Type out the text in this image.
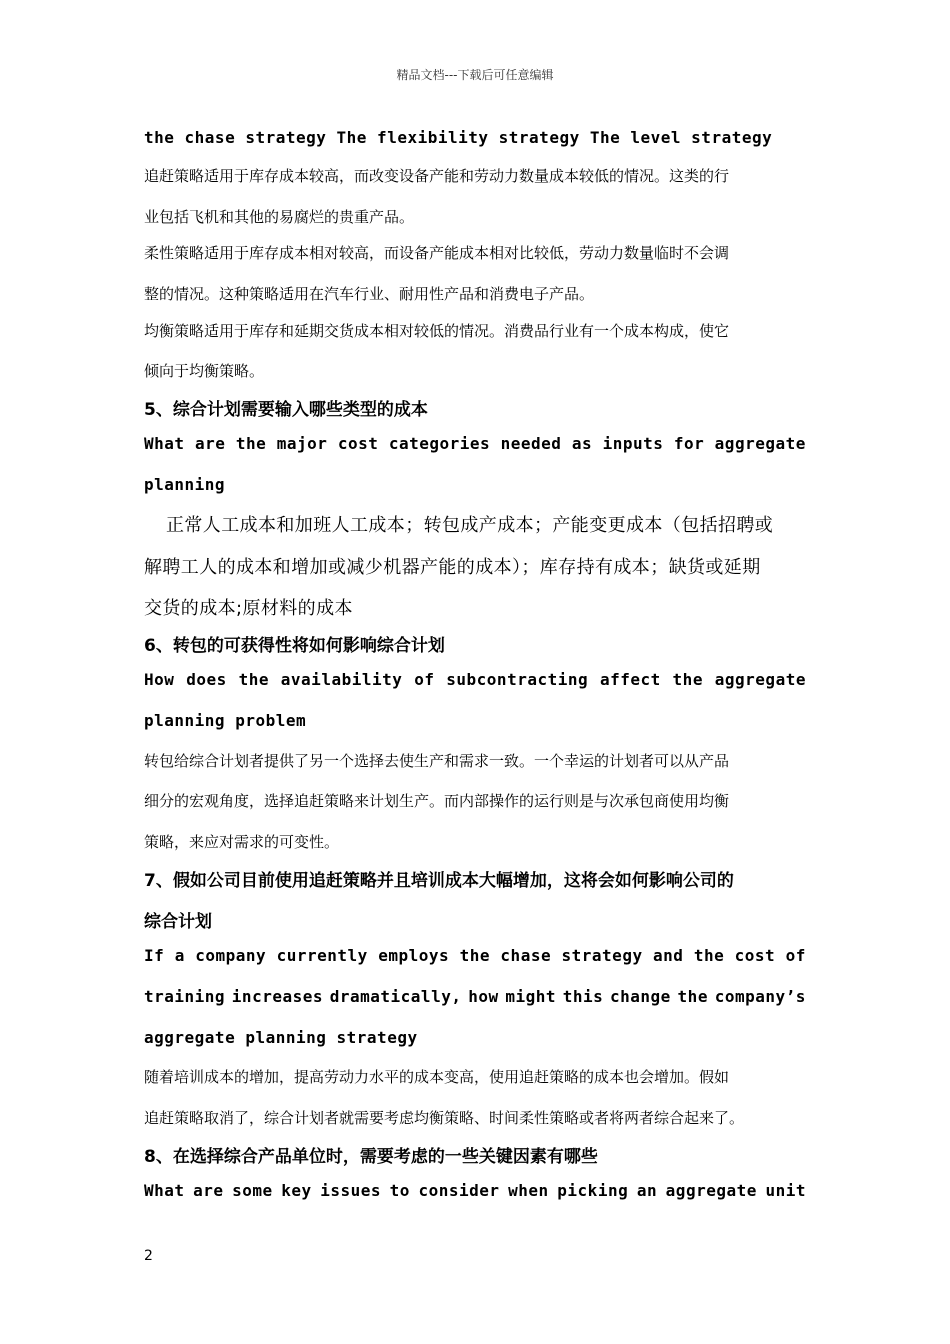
精品文档---下载后可任意编辑
the chase strategy The flexibility strategy The level strategy
追赶策略适用于库存成本较高，而改变设备产能和劳动力数量成本较低的情况。这类的行
业包括飞机和其他的易腐烂的贵重产品。
柔性策略适用于库存成本相对较高，而设备产能成本相对比较低，劳动力数量临时不会调
整的情况。这种策略适用在汽车行业、耐用性产品和消费电子产品。
均衡策略适用于库存和延期交货成本相对较低的情况。消费品行业有一个成本构成，使它
倾向于均衡策略。
5、综合计划需要输入哪些类型的成本
What are the major cost categories needed as inputs for aggregate
planning
正常人工成本和加班人工成本；转包成产成本；产能变更成本（包括招聘或
解聘工人的成本和增加或减少机器产能的成本）；库存持有成本；缺货或延期
交货的成本;原材料的成本
6、转包的可获得性将如何影响综合计划
How does the availability of subcontracting affect the aggregate
planning problem
转包给综合计划者提供了另一个选择去使生产和需求一致。一个幸运的计划者可以从产品
细分的宏观角度，选择追赶策略来计划生产。而内部操作的运行则是与次承包商使用均衡
策略，来应对需求的可变性。
7、假如公司目前使用追赶策略并且培训成本大幅增加，这将会如何影响公司的
综合计划
If a company currently employs the chase strategy and the cost of
training increases dramatically, how might this change the company’s
aggregate planning strategy
随着培训成本的增加，提高劳动力水平的成本变高，使用追赶策略的成本也会增加。假如
追赶策略取消了，综合计划者就需要考虑均衡策略、时间柔性策略或者将两者综合起来了。
8、在选择综合产品单位时，需要考虑的一些关键因素有哪些
What are some key issues to consider when picking an aggregate unit
2
